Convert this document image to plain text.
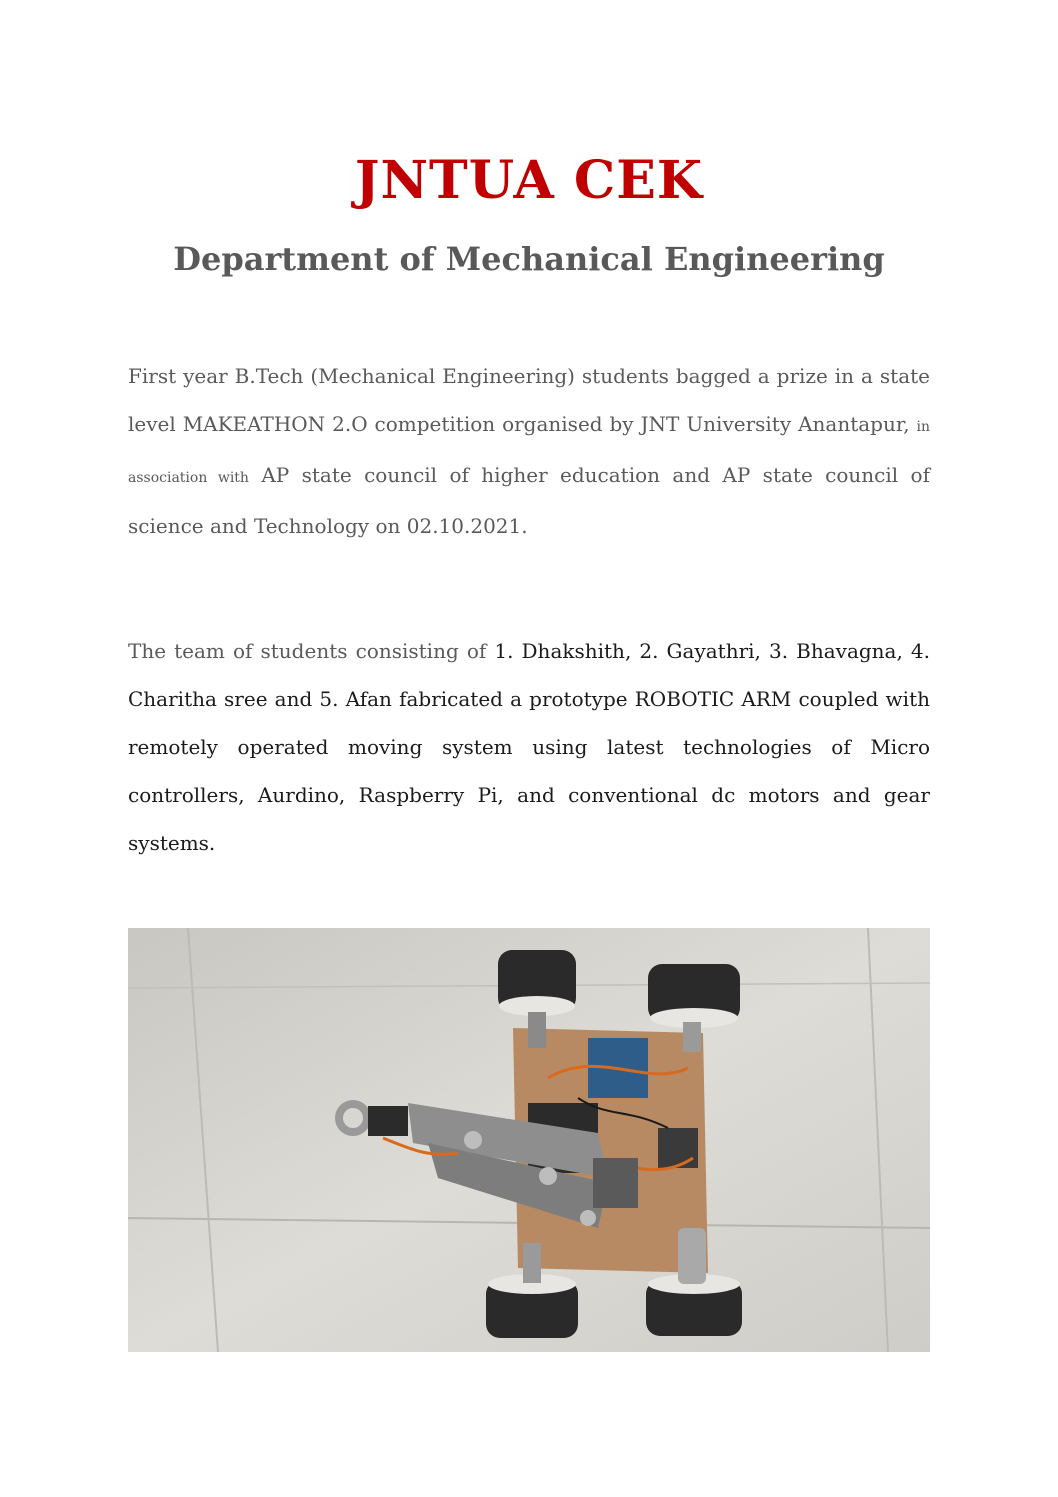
JNTUA CEK
Department of Mechanical Engineering

First year B.Tech (Mechanical Engineering) students bagged a prize in a state level MAKEATHON 2.O competition organised by JNT University Anantapur, in association with AP state council of higher education and AP state council of science and Technology on 02.10.2021.

The team of students consisting of 1. Dhakshith, 2. Gayathri, 3. Bhavagna, 4. Charitha sree and 5. Afan fabricated a prototype ROBOTIC ARM coupled with remotely operated moving system using latest technologies of Micro controllers, Aurdino, Raspberry Pi, and conventional dc motors and gear systems.
